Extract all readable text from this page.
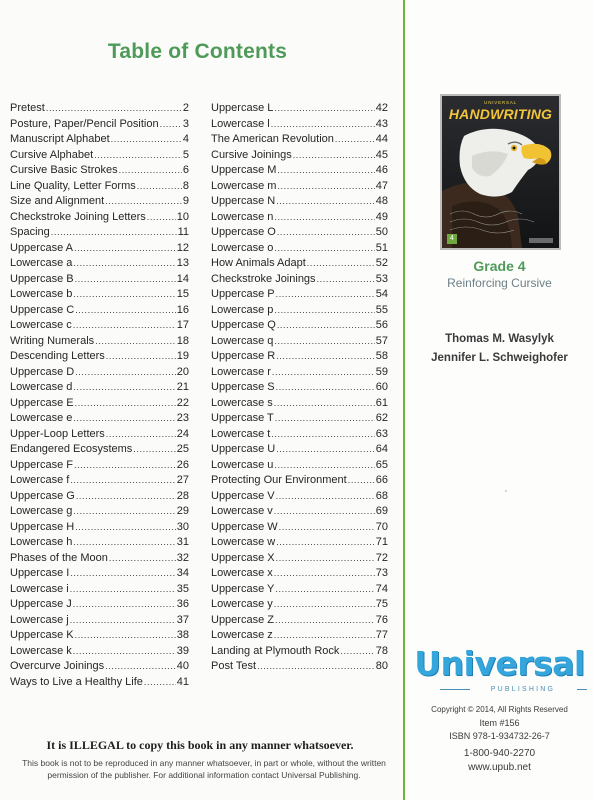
Table of Contents
Pretest .....	2
Posture, Paper/Pencil Position ..... 3
Manuscript Alphabet .....	4
Cursive Alphabet .....	5
Cursive Basic Strokes .....	6
Line Quality, Letter Forms .....	8
Size and Alignment .....	9
Checkstroke Joining Letters .....	10
Spacing .....	11
Uppercase A .....	12
Lowercase a .....	13
Uppercase B .....	14
Lowercase b .....	15
Uppercase C .....	16
Lowercase c .....	17
Writing Numerals .....	18
Descending Letters .....	19
Uppercase D .....	20
Lowercase d .....	21
Uppercase E .....	22
Lowercase e .....	23
Upper-Loop Letters .....	24
Endangered Ecosystems .....	25
Uppercase F .....	26
Lowercase f .....	27
Uppercase G .....	28
Lowercase g .....	29
Uppercase H .....	30
Lowercase h .....	31
Phases of the Moon .....	32
Uppercase I .....	34
Lowercase i .....	35
Uppercase J .....	36
Lowercase j .....	37
Uppercase K .....	38
Lowercase k .....	39
Overcurve Joinings .....	40
Ways to Live a Healthy Life .....	41
Uppercase L .....	42
Lowercase l .....	43
The American Revolution .....	44
Cursive Joinings .....	45
Uppercase M .....	46
Lowercase m .....	47
Uppercase N .....	48
Lowercase n .....	49
Uppercase O .....	50
Lowercase o .....	51
How Animals Adapt .....	52
Checkstroke Joinings .....	53
Uppercase P .....	54
Lowercase p .....	55
Uppercase Q .....	56
Lowercase q .....	57
Uppercase R .....	58
Lowercase r .....	59
Uppercase S .....	60
Lowercase s .....	61
Uppercase T .....	62
Lowercase t .....	63
Uppercase U .....	64
Lowercase u .....	65
Protecting Our Environment .....	66
Uppercase V .....	68
Lowercase v .....	69
Uppercase W .....	70
Lowercase w .....	71
Uppercase X .....	72
Lowercase x .....	73
Uppercase Y .....	74
Lowercase y .....	75
Uppercase Z .....	76
Lowercase z .....	77
Landing at Plymouth Rock .....	78
Post Test .....	80
It is ILLEGAL to copy this book in any manner whatsoever.
This book is not to be reproduced in any manner whatsoever, in part or whole, without the written permission of the publisher. For additional information contact Universal Publishing.
UNIVERSAL
HANDWRITING
4
Grade 4
Reinforcing Cursive
Thomas M. Wasylyk
Jennifer L. Schweighofer
Universal
PUBLISHING
Copyright © 2014, All Rights Reserved
Item #156
ISBN 978-1-934732-26-7
1-800-940-2270
www.upub.net
